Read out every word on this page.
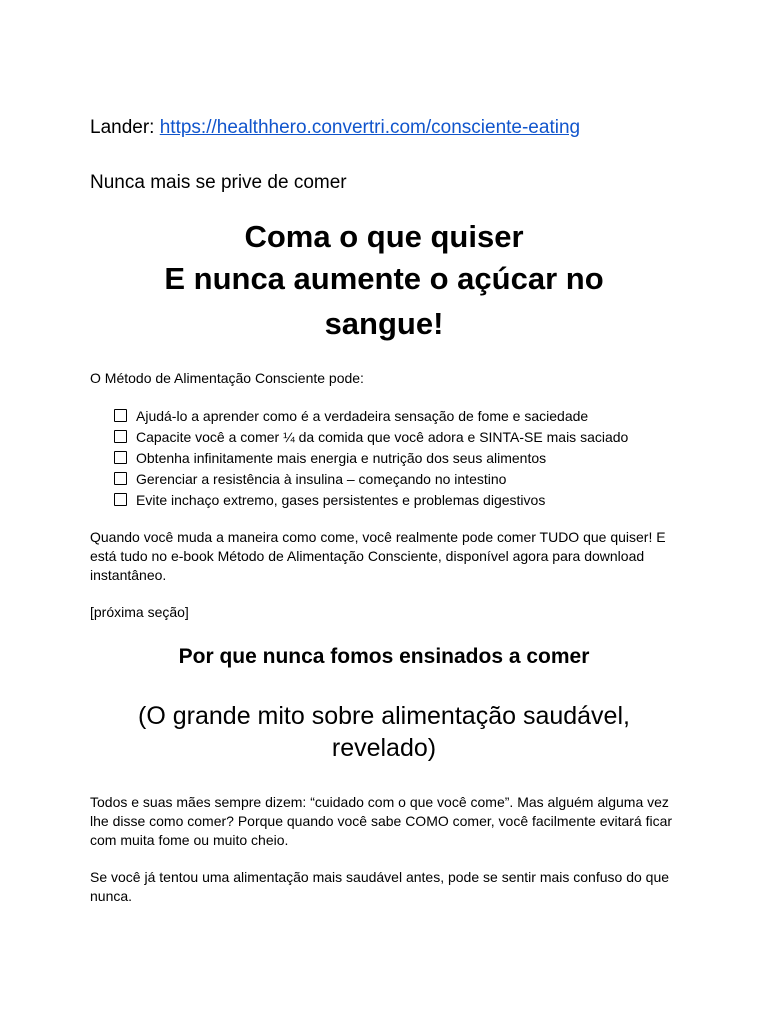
Lander: https://healthhero.convertri.com/consciente-eating
Nunca mais se prive de comer
Coma o que quiser
E nunca aumente o açúcar no
sangue!
O Método de Alimentação Consciente pode:
Ajudá-lo a aprender como é a verdadeira sensação de fome e saciedade
Capacite você a comer ¼ da comida que você adora e SINTA-SE mais saciado
Obtenha infinitamente mais energia e nutrição dos seus alimentos
Gerenciar a resistência à insulina – começando no intestino
Evite inchaço extremo, gases persistentes e problemas digestivos

Quando você muda a maneira como come, você realmente pode comer TUDO que quiser! E está tudo no e-book Método de Alimentação Consciente, disponível agora para download instantâneo.

[próxima seção]

Por que nunca fomos ensinados a comer
(O grande mito sobre alimentação saudável, revelado)

Todos e suas mães sempre dizem: “cuidado com o que você come”. Mas alguém alguma vez lhe disse como comer? Porque quando você sabe COMO comer, você facilmente evitará ficar com muita fome ou muito cheio.

Se você já tentou uma alimentação mais saudável antes, pode se sentir mais confuso do que nunca.
